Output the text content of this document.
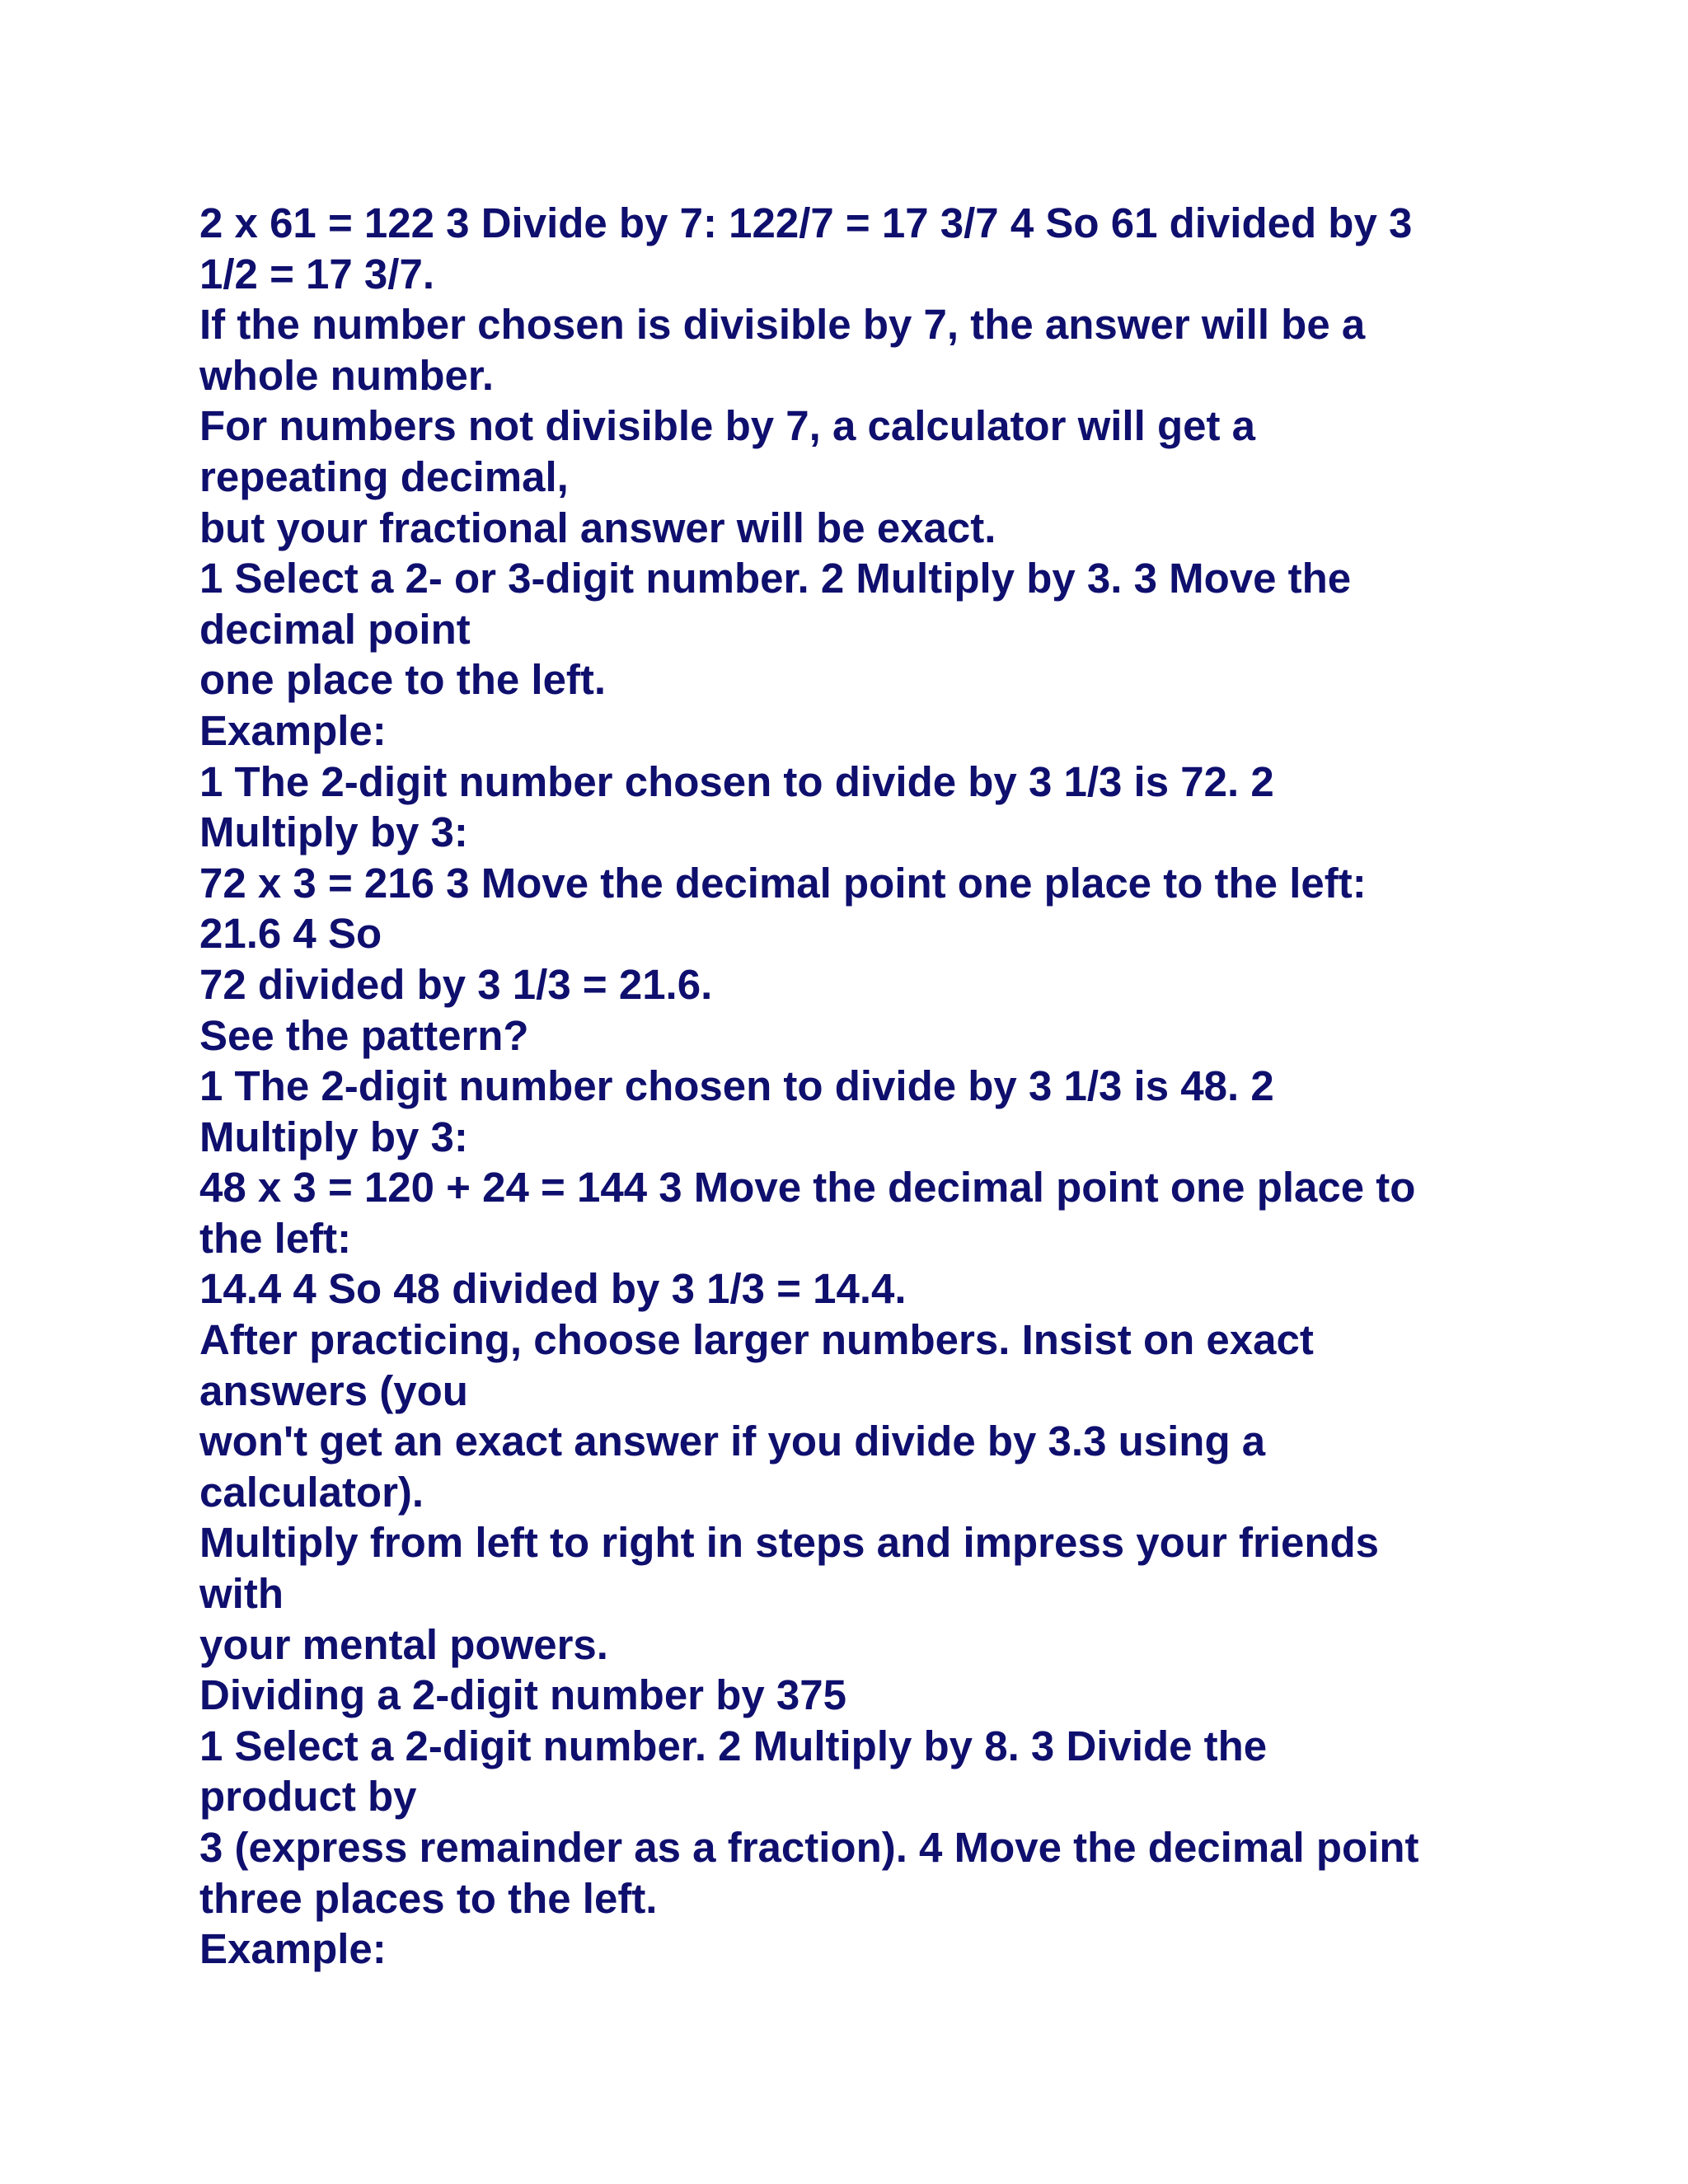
2 x 61 = 122 3 Divide by 7: 122/7 = 17 3/7 4 So 61 divided by 3
1/2 = 17 3/7.
If the number chosen is divisible by 7, the answer will be a
whole number.
For numbers not divisible by 7, a calculator will get a
repeating decimal,
but your fractional answer will be exact.
1 Select a 2- or 3-digit number. 2 Multiply by 3. 3 Move the
decimal point
one place to the left.
Example:
1 The 2-digit number chosen to divide by 3 1/3 is 72. 2
Multiply by 3:
72 x 3 = 216 3 Move the decimal point one place to the left:
21.6 4 So
72 divided by 3 1/3 = 21.6.
See the pattern?
1 The 2-digit number chosen to divide by 3 1/3 is 48. 2
Multiply by 3:
48 x 3 = 120 + 24 = 144 3 Move the decimal point one place to
the left:
14.4 4 So 48 divided by 3 1/3 = 14.4.
After practicing, choose larger numbers. Insist on exact
answers (you
won't get an exact answer if you divide by 3.3 using a
calculator).
Multiply from left to right in steps and impress your friends
with
your mental powers.
Dividing a 2-digit number by 375
1 Select a 2-digit number. 2 Multiply by 8. 3 Divide the
product by
3 (express remainder as a fraction). 4 Move the decimal point
three places to the left.
Example:
